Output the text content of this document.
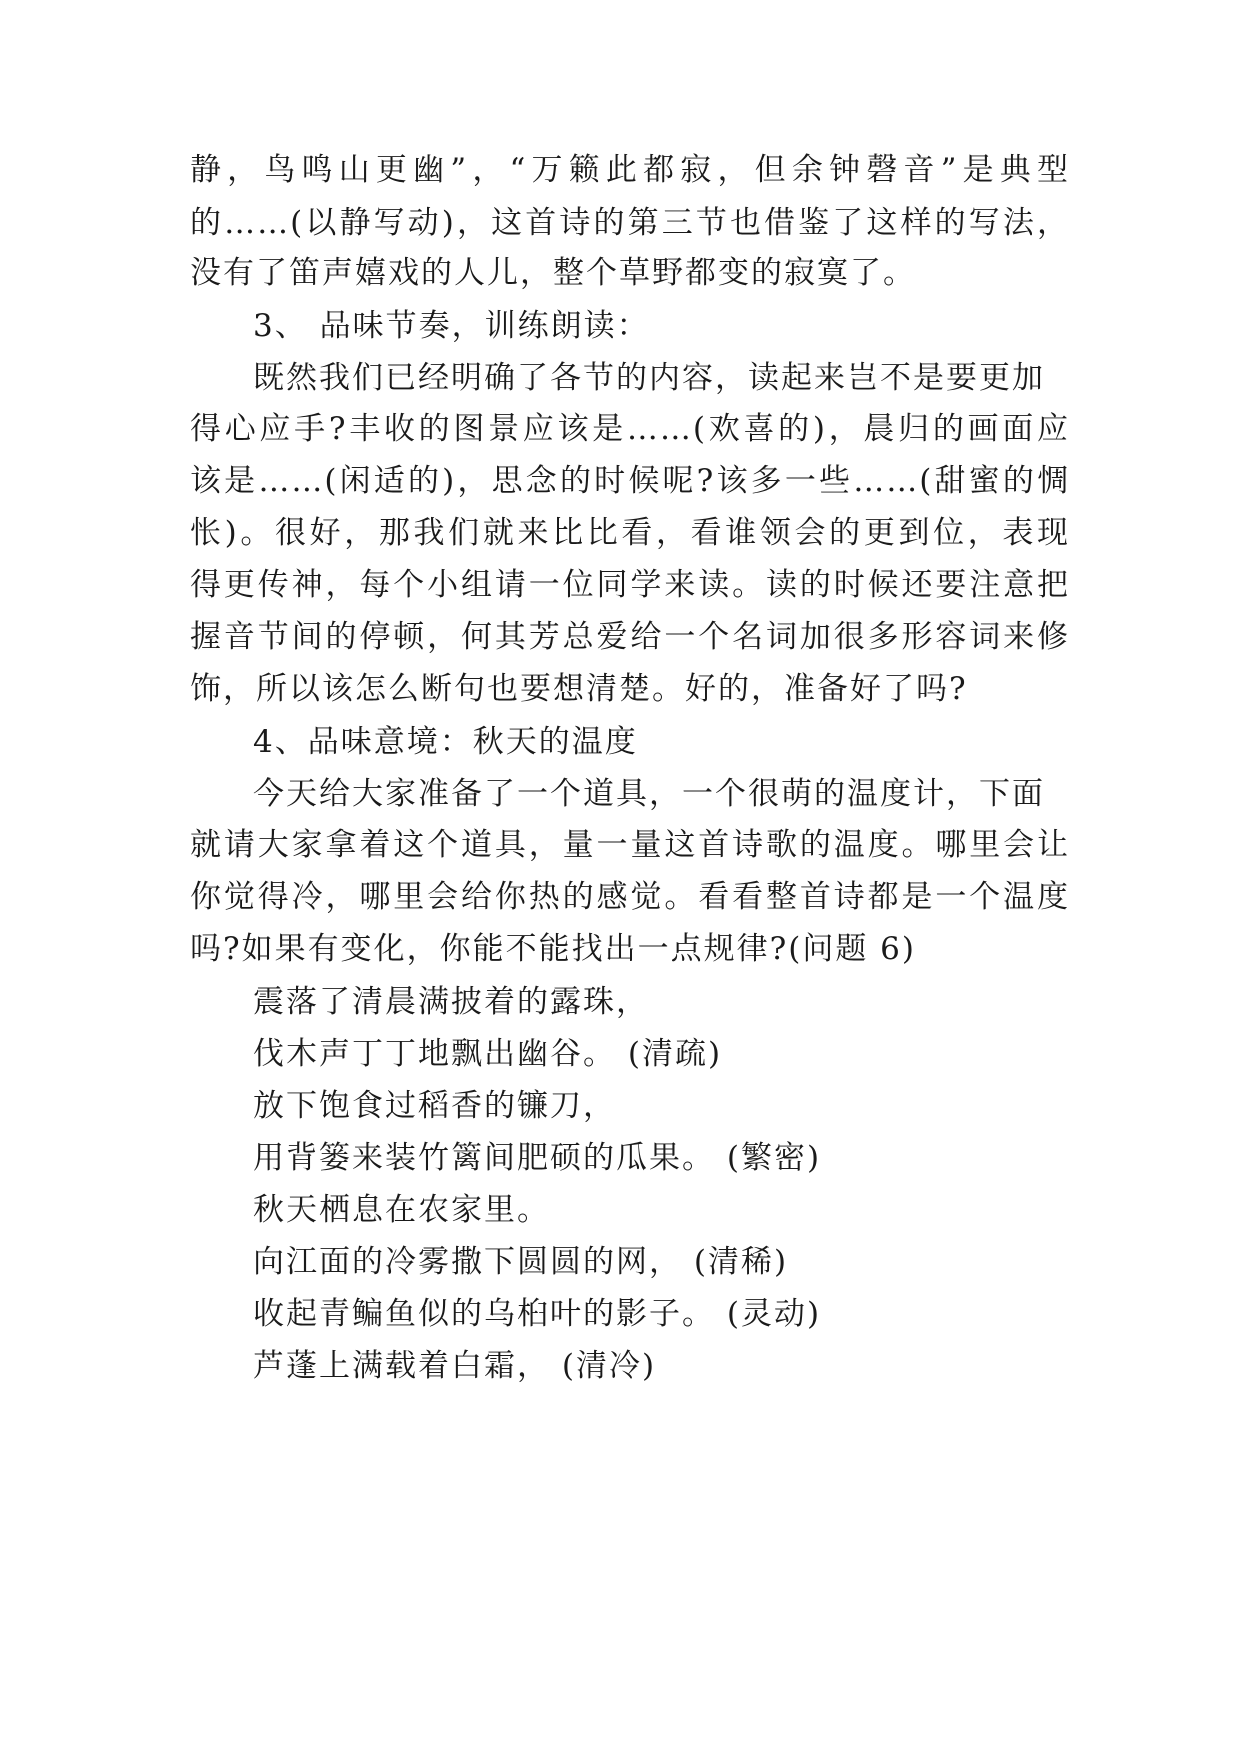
静，鸟鸣山更幽”，“万籁此都寂，但余钟磬音”是典型
的……(以静写动)，这首诗的第三节也借鉴了这样的写法，
没有了笛声嬉戏的人儿，整个草野都变的寂寞了。
3、 品味节奏，训练朗读：
既然我们已经明确了各节的内容，读起来岂不是要更加
得心应手?丰收的图景应该是……(欢喜的)，晨归的画面应
该是……(闲适的)，思念的时候呢?该多一些……(甜蜜的惆
怅)。很好，那我们就来比比看，看谁领会的更到位，表现
得更传神，每个小组请一位同学来读。读的时候还要注意把
握音节间的停顿，何其芳总爱给一个名词加很多形容词来修
饰，所以该怎么断句也要想清楚。好的，准备好了吗?
4、品味意境：秋天的温度
今天给大家准备了一个道具，一个很萌的温度计，下面
就请大家拿着这个道具，量一量这首诗歌的温度。哪里会让
你觉得冷，哪里会给你热的感觉。看看整首诗都是一个温度
吗?如果有变化，你能不能找出一点规律?(问题 6)
震落了清晨满披着的露珠，
伐木声丁丁地飘出幽谷。 (清疏)
放下饱食过稻香的镰刀，
用背篓来装竹篱间肥硕的瓜果。 (繁密)
秋天栖息在农家里。
向江面的冷雾撒下圆圆的网， (清稀)
收起青鳊鱼似的乌桕叶的影子。 (灵动)
芦蓬上满载着白霜， (清冷)
